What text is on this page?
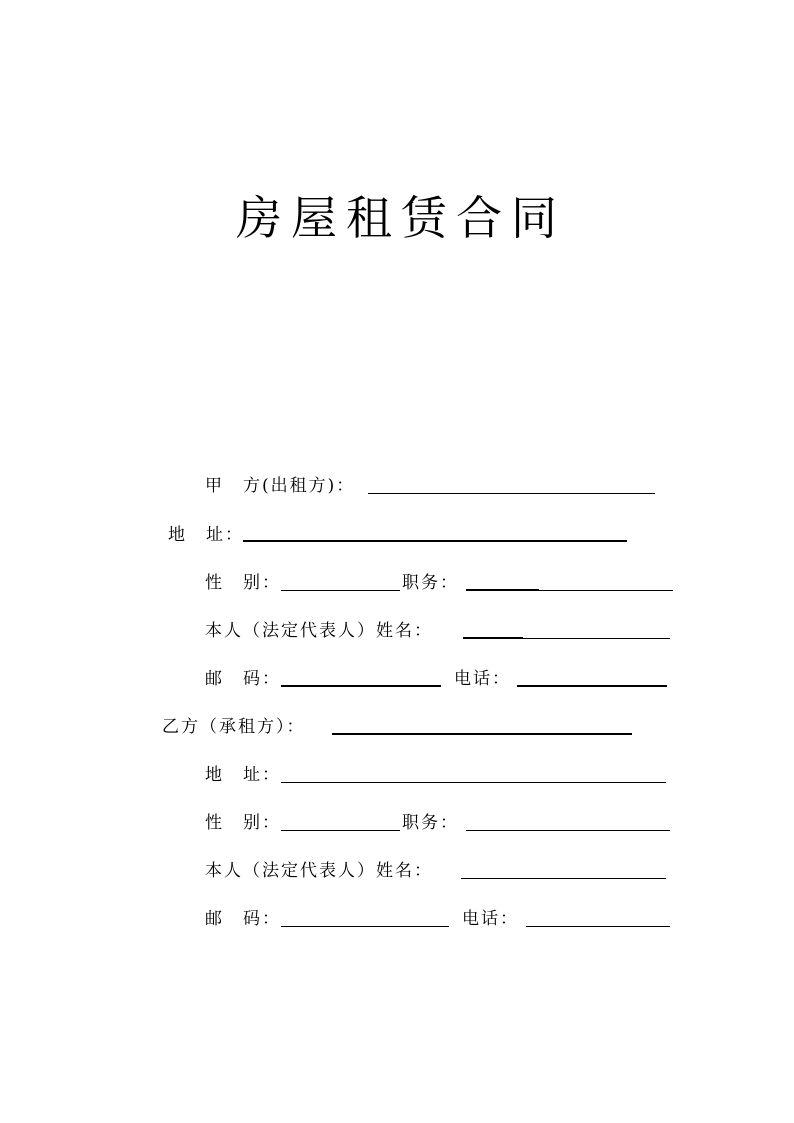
房屋租赁合同
甲　方(出租方)：
地　址：
性　别：	职务：
本人（法定代表人）姓名：
邮　码：	电话：
乙方（承租方）：
地　址：
性　别：	职务：
本人（法定代表人）姓名：
邮　码：	电话：
